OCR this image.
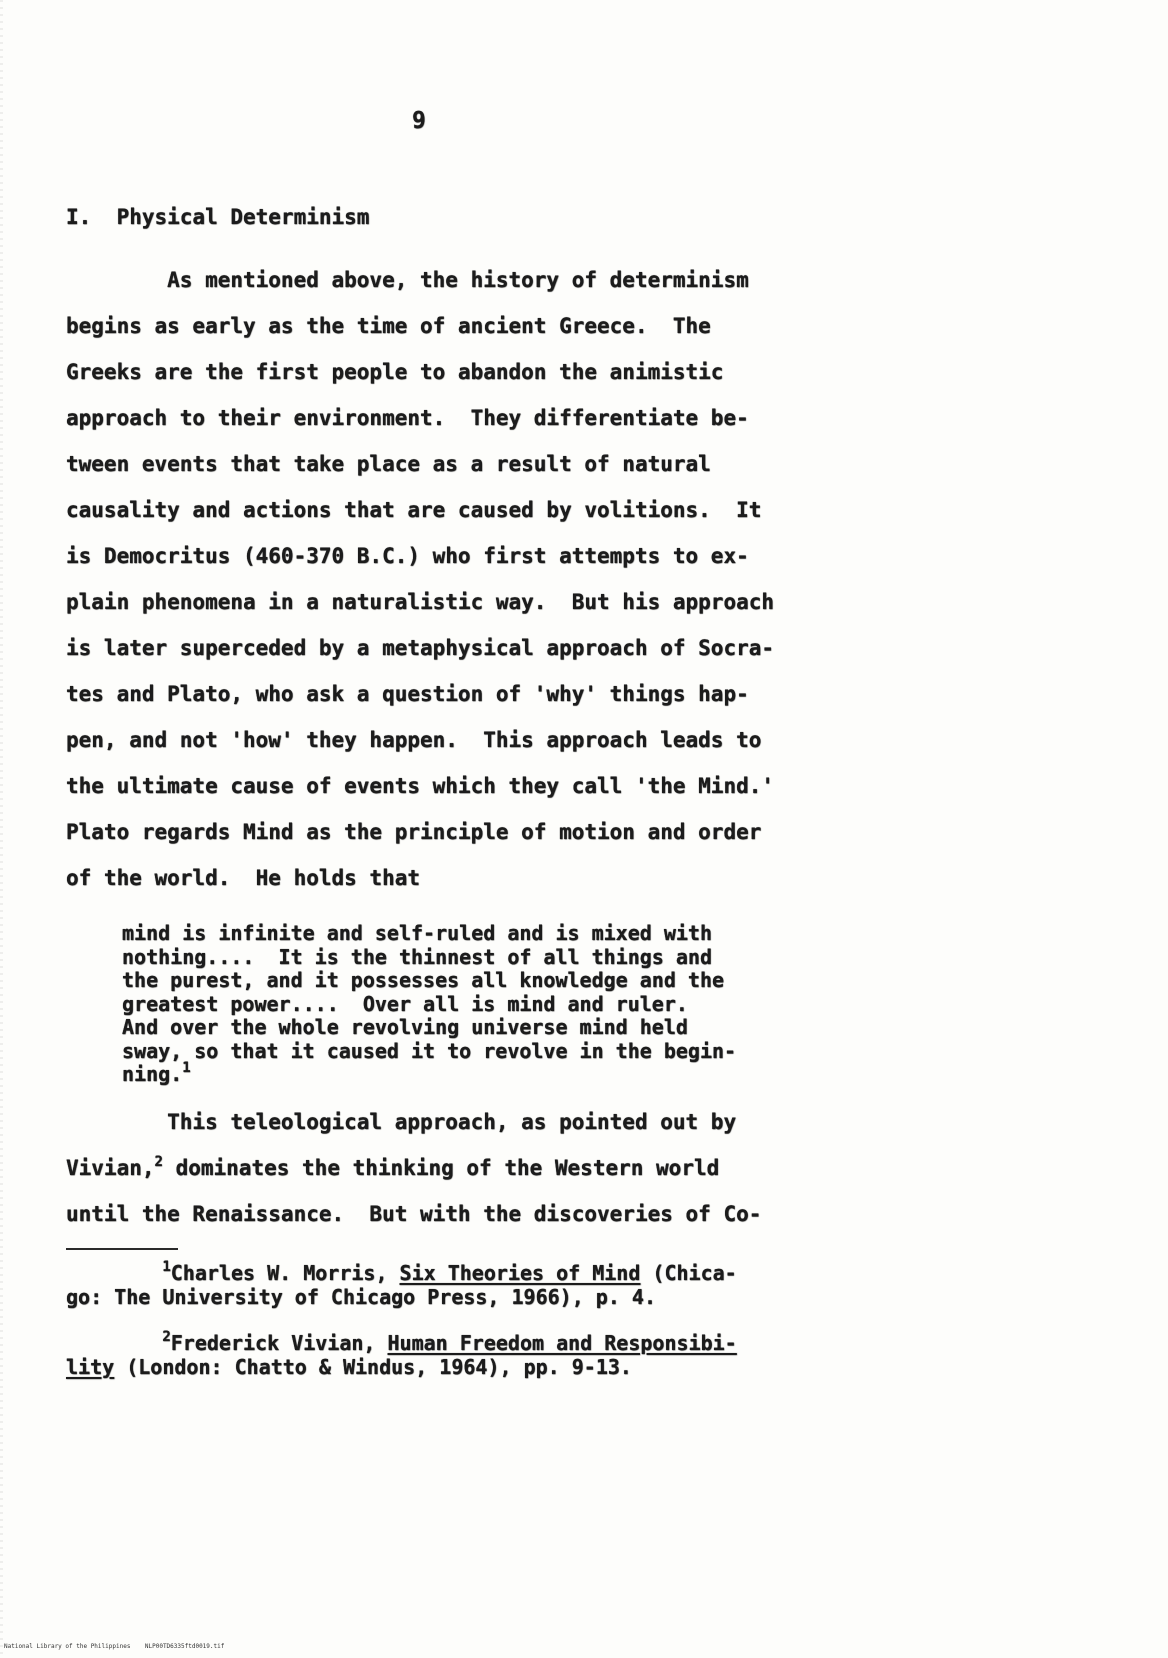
9
I.  Physical Determinism
As mentioned above, the history of determinism
begins as early as the time of ancient Greece.  The
Greeks are the first people to abandon the animistic
approach to their environment.  They differentiate be-
tween events that take place as a result of natural
causality and actions that are caused by volitions.  It
is Democritus (460-370 B.C.) who first attempts to ex-
plain phenomena in a naturalistic way.  But his approach
is later superceded by a metaphysical approach of Socra-
tes and Plato, who ask a question of 'why' things hap-
pen, and not 'how' they happen.  This approach leads to
the ultimate cause of events which they call 'the Mind.'
Plato regards Mind as the principle of motion and order
of the world.  He holds that
mind is infinite and self-ruled and is mixed with
nothing....  It is the thinnest of all things and
the purest, and it possesses all knowledge and the
greatest power....  Over all is mind and ruler.
And over the whole revolving universe mind held
sway, so that it caused it to revolve in the begin-
ning.$^1$
This teleological approach, as pointed out by
Vivian,$^2$ dominates the thinking of the Western world
until the Renaissance.  But with the discoveries of Co-
$^1$Charles W. Morris, Six Theories of Mind (Chica-
go: The University of Chicago Press, 1966), p. 4.
$^2$Frederick Vivian, Human Freedom and Responsibi-
lity (London: Chatto & Windus, 1964), pp. 9-13.
National Library of the Philippines    NLP00TD6335ftd0019.tif
